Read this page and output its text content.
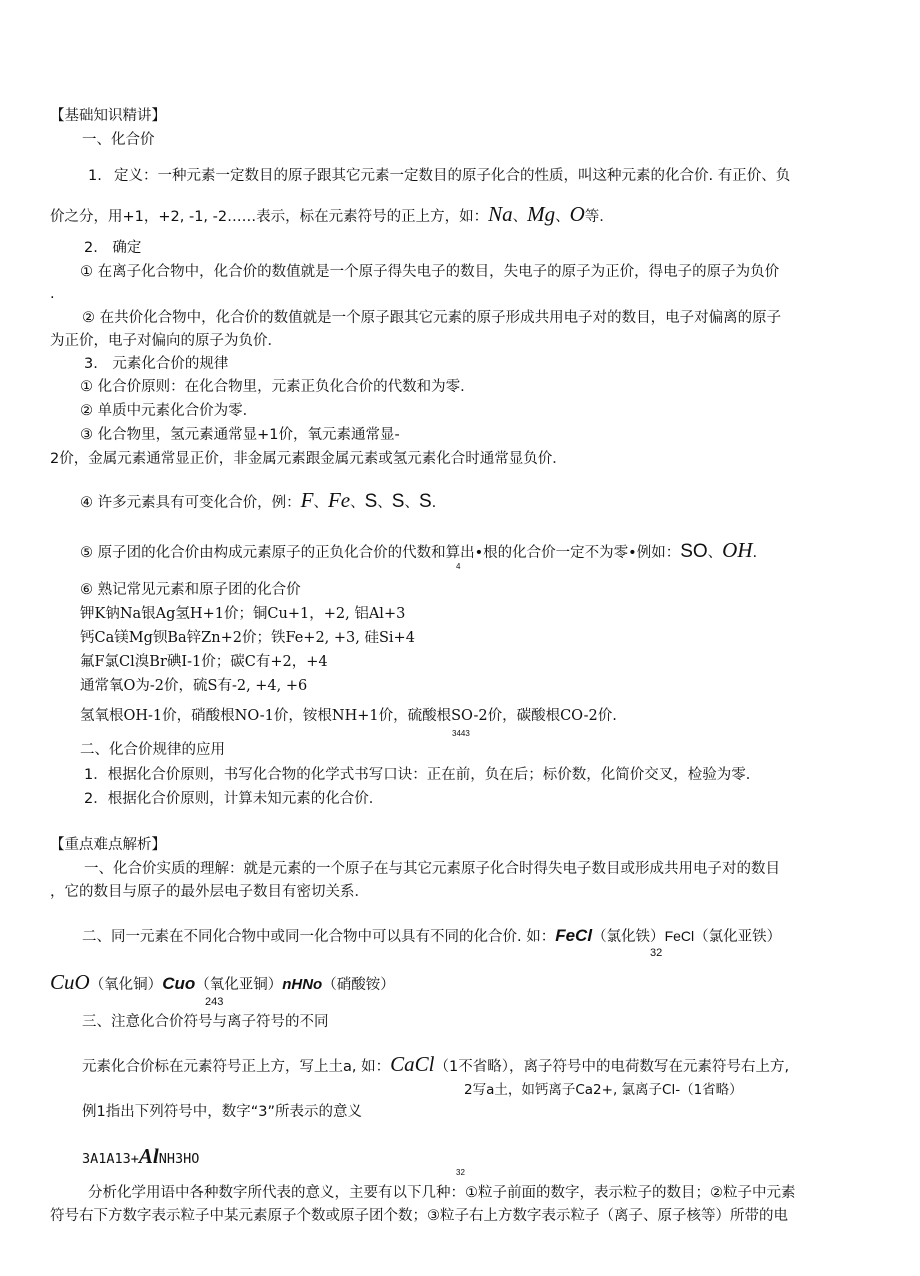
【基础知识精讲】
一、化合价
1. 定义：一种元素一定数目的原子跟其它元素一定数目的原子化合的性质，叫这种元素的化合价. 有正价、负
价之分，用+1，+2, -1, -2……表示，标在元素符号的正上方，如：Na、Mg、O等.
2.　确定
① 在离子化合物中，化合价的数值就是一个原子得失电子的数目，失电子的原子为正价，得电子的原子为负价
.
② 在共价化合物中，化合价的数值就是一个原子跟其它元素的原子形成共用电子对的数目，电子对偏离的原子
为正价，电子对偏向的原子为负价．
3.　元素化合价的规律
① 化合价原则：在化合物里，元素正负化合价的代数和为零.
② 单质中元素化合价为零．
③ 化合物里，氢元素通常显+1价，氧元素通常显-
2价，金属元素通常显正价，非金属元素跟金属元素或氢元素化合时通常显负价．
④ 许多元素具有可变化合价，例：F、Fe、S、S、S.
⑤ 原子团的化合价由构成元素原子的正负化合价的代数和算出•根的化合价一定不为零•例如：SO、OH.
4
⑥ 熟记常见元素和原子团的化合价
钾K钠Na银Ag氢H+1价；铜Cu+1，+2, 铝Al+3
钙Ca镁Mg钡Ba锌Zn+2价；铁Fe+2, +3, 硅Si+4
氟F氯Cl溴Br碘I-1价；碳C有+2，+4
通常氧O为-2价，硫S有-2, +4, +6
氢氧根OH-1价，硝酸根NO-1价，铵根NH+1价，硫酸根SO-2价，碳酸根CO-2价.
3443
二、化合价规律的应用
1．根据化合价原则，书写化合物的化学式书写口诀：正在前，负在后；标价数，化简价交叉，检验为零．
2．根据化合价原则，计算未知元素的化合价．
【重点难点解析】
一、化合价实质的理解：就是元素的一个原子在与其它元素原子化合时得失电子数目或形成共用电子对的数目
，它的数目与原子的最外层电子数目有密切关系．
二、同一元素在不同化合物中或同一化合物中可以具有不同的化合价. 如：FeCl（氯化铁）FeCl（氯化亚铁）
32
CuO（氧化铜）Cuo（氧化亚铜）nHNo（硝酸铵）
243
三、注意化合价符号与离子符号的不同
元素化合价标在元素符号正上方，写上土a, 如：CaCl（1不省略），离子符号中的电荷数写在元素符号右上方,
2写a土，如钙离子Ca2+, 氯离子Cl-（1省略）
例1指出下列符号中，数字“3”所表示的意义
3A1A13+AlNH3HO
32
分析化学用语中各种数字所代表的意义，主要有以下几种：①粒子前面的数字，表示粒子的数目；②粒子中元素
符号右下方数字表示粒子中某元素原子个数或原子团个数；③粒子右上方数字表示粒子（离子、原子核等）所带的电
